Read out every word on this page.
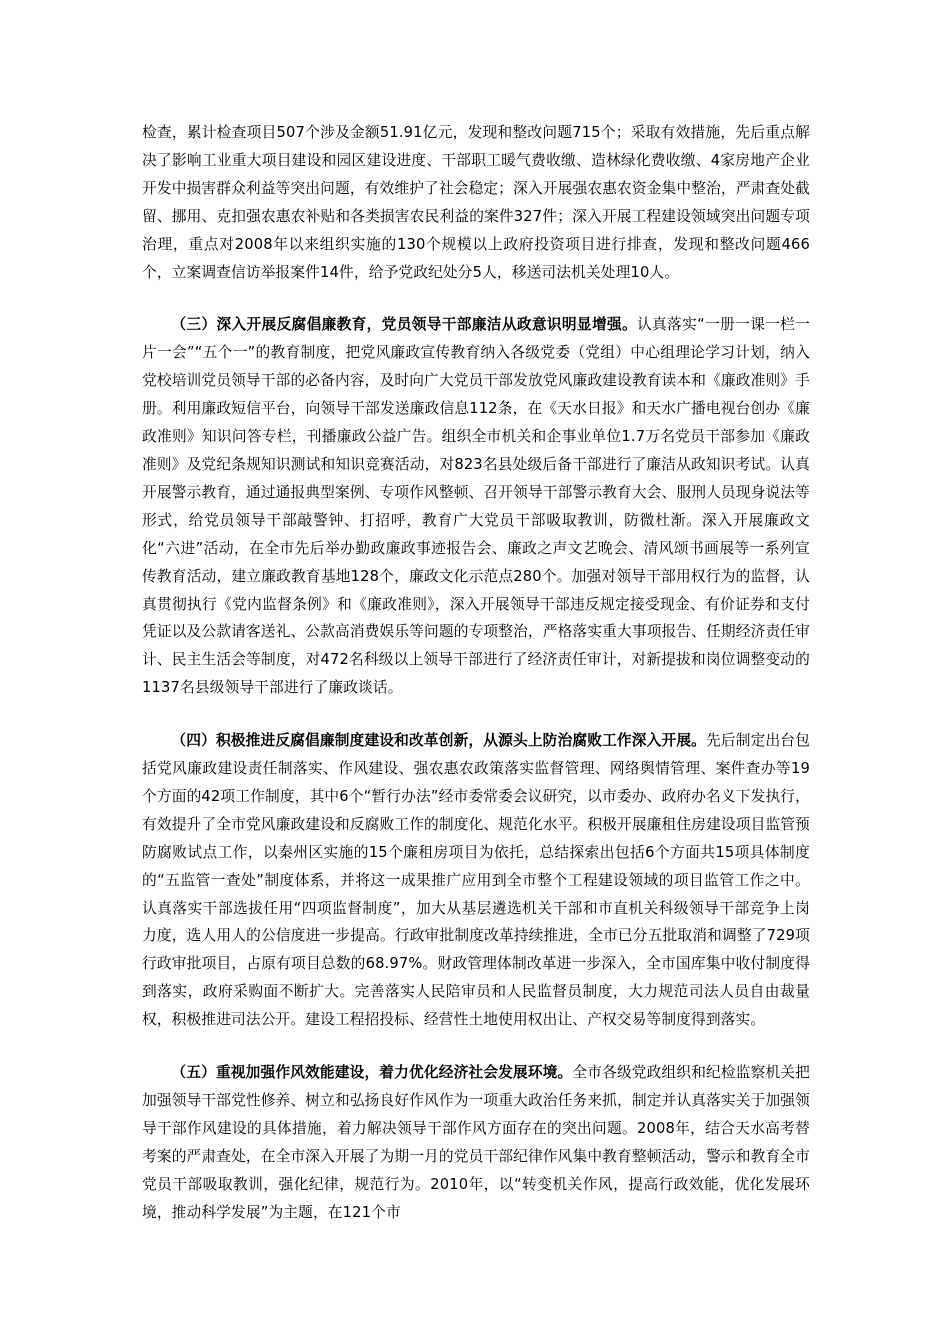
检查，累计检查项目507个涉及金额51.91亿元，发现和整改问题715个；采取有效措施，先后重点解决了影响工业重大项目建设和园区建设进度、干部职工暖气费收缴、造林绿化费收缴、4家房地产企业开发中损害群众利益等突出问题，有效维护了社会稳定；深入开展强农惠农资金集中整治，严肃查处截留、挪用、克扣强农惠农补贴和各类损害农民利益的案件327件；深入开展工程建设领域突出问题专项治理，重点对2008年以来组织实施的130个规模以上政府投资项目进行排查，发现和整改问题466个，立案调查信访举报案件14件，给予党政纪处分5人，移送司法机关处理10人。

（三）深入开展反腐倡廉教育，党员领导干部廉洁从政意识明显增强。认真落实“一册一课一栏一片一会”“五个一”的教育制度，把党风廉政宣传教育纳入各级党委（党组）中心组理论学习计划，纳入党校培训党员领导干部的必备内容，及时向广大党员干部发放党风廉政建设教育读本和《廉政准则》手册。利用廉政短信平台，向领导干部发送廉政信息112条，在《天水日报》和天水广播电视台创办《廉政准则》知识问答专栏，刊播廉政公益广告。组织全市机关和企事业单位1.7万名党员干部参加《廉政准则》及党纪条规知识测试和知识竞赛活动，对823名县处级后备干部进行了廉洁从政知识考试。认真开展警示教育，通过通报典型案例、专项作风整顿、召开领导干部警示教育大会、服刑人员现身说法等形式，给党员领导干部敲警钟、打招呼，教育广大党员干部吸取教训，防微杜渐。深入开展廉政文化“六进”活动，在全市先后举办勤政廉政事迹报告会、廉政之声文艺晚会、清风颂书画展等一系列宣传教育活动，建立廉政教育基地128个，廉政文化示范点280个。加强对领导干部用权行为的监督，认真贯彻执行《党内监督条例》和《廉政准则》，深入开展领导干部违反规定接受现金、有价证券和支付凭证以及公款请客送礼、公款高消费娱乐等问题的专项整治，严格落实重大事项报告、任期经济责任审计、民主生活会等制度，对472名科级以上领导干部进行了经济责任审计，对新提拔和岗位调整变动的1137名县级领导干部进行了廉政谈话。

（四）积极推进反腐倡廉制度建设和改革创新，从源头上防治腐败工作深入开展。先后制定出台包括党风廉政建设责任制落实、作风建设、强农惠农政策落实监督管理、网络舆情管理、案件查办等19个方面的42项工作制度，其中6个“暂行办法”经市委常委会议研究，以市委办、政府办名义下发执行，有效提升了全市党风廉政建设和反腐败工作的制度化、规范化水平。积极开展廉租住房建设项目监管预防腐败试点工作，以秦州区实施的15个廉租房项目为依托，总结探索出包括6个方面共15项具体制度的“五监管一查处”制度体系，并将这一成果推广应用到全市整个工程建设领域的项目监管工作之中。认真落实干部选拔任用“四项监督制度”，加大从基层遴选机关干部和市直机关科级领导干部竞争上岗力度，选人用人的公信度进一步提高。行政审批制度改革持续推进，全市已分五批取消和调整了729项行政审批项目，占原有项目总数的68.97%。财政管理体制改革进一步深入，全市国库集中收付制度得到落实，政府采购面不断扩大。完善落实人民陪审员和人民监督员制度，大力规范司法人员自由裁量权，积极推进司法公开。建设工程招投标、经营性土地使用权出让、产权交易等制度得到落实。

（五）重视加强作风效能建设，着力优化经济社会发展环境。全市各级党政组织和纪检监察机关把加强领导干部党性修养、树立和弘扬良好作风作为一项重大政治任务来抓，制定并认真落实关于加强领导干部作风建设的具体措施，着力解决领导干部作风方面存在的突出问题。2008年，结合天水高考替考案的严肃查处，在全市深入开展了为期一月的党员干部纪律作风集中教育整顿活动，警示和教育全市党员干部吸取教训，强化纪律，规范行为。2010年，以“转变机关作风，提高行政效能，优化发展环境，推动科学发展”为主题，在121个市
